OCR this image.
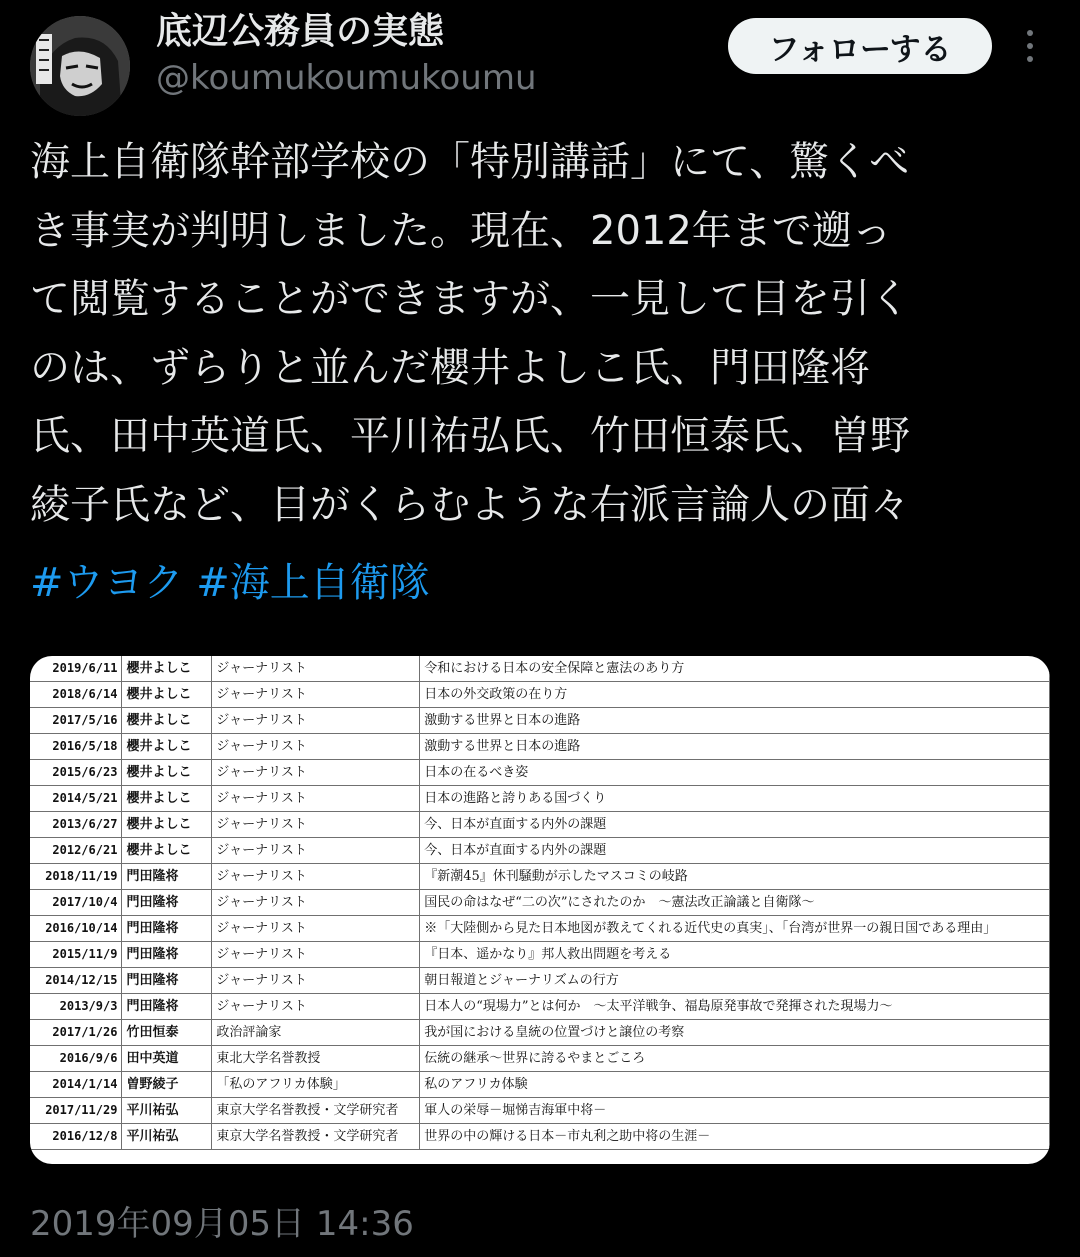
底辺公務員の実態
@koumukoumukoumu
フォローする
海上自衛隊幹部学校の「特別講話」にて、驚くべ
き事実が判明しました。現在、2012年まで遡っ
て閲覧することができますが、一見して目を引く
のは、ずらりと並んだ櫻井よしこ氏、門田隆将
氏、田中英道氏、平川祐弘氏、竹田恒泰氏、曽野
綾子氏など、目がくらむような右派言論人の面々
#ウヨク #海上自衛隊
2019/6/11	櫻井よしこ	ジャーナリスト	令和における日本の安全保障と憲法のあり方
2018/6/14	櫻井よしこ	ジャーナリスト	日本の外交政策の在り方
2017/5/16	櫻井よしこ	ジャーナリスト	激動する世界と日本の進路
2016/5/18	櫻井よしこ	ジャーナリスト	激動する世界と日本の進路
2015/6/23	櫻井よしこ	ジャーナリスト	日本の在るべき姿
2014/5/21	櫻井よしこ	ジャーナリスト	日本の進路と誇りある国づくり
2013/6/27	櫻井よしこ	ジャーナリスト	今、日本が直面する内外の課題
2012/6/21	櫻井よしこ	ジャーナリスト	今、日本が直面する内外の課題
2018/11/19	門田隆将	ジャーナリスト	『新潮45』休刊騒動が示したマスコミの岐路
2017/10/4	門田隆将	ジャーナリスト	国民の命はなぜ“二の次”にされたのか　～憲法改正論議と自衛隊～
2016/10/14	門田隆将	ジャーナリスト	※「大陸側から見た日本地図が教えてくれる近代史の真実」、「台湾が世界一の親日国である理由」
2015/11/9	門田隆将	ジャーナリスト	『日本、遥かなり』邦人救出問題を考える
2014/12/15	門田隆将	ジャーナリスト	朝日報道とジャーナリズムの行方
2013/9/3	門田隆将	ジャーナリスト	日本人の“現場力”とは何か　～太平洋戦争、福島原発事故で発揮された現場力～
2017/1/26	竹田恒泰	政治評論家	我が国における皇統の位置づけと譲位の考察
2016/9/6	田中英道	東北大学名誉教授	伝統の継承～世界に誇るやまとごころ
2014/1/14	曽野綾子	「私のアフリカ体験」	私のアフリカ体験
2017/11/29	平川祐弘	東京大学名誉教授・文学研究者	軍人の栄辱－堀悌吉海軍中将－
2016/12/8	平川祐弘	東京大学名誉教授・文学研究者	世界の中の輝ける日本－市丸利之助中将の生涯－
2019年09月05日 14:36
